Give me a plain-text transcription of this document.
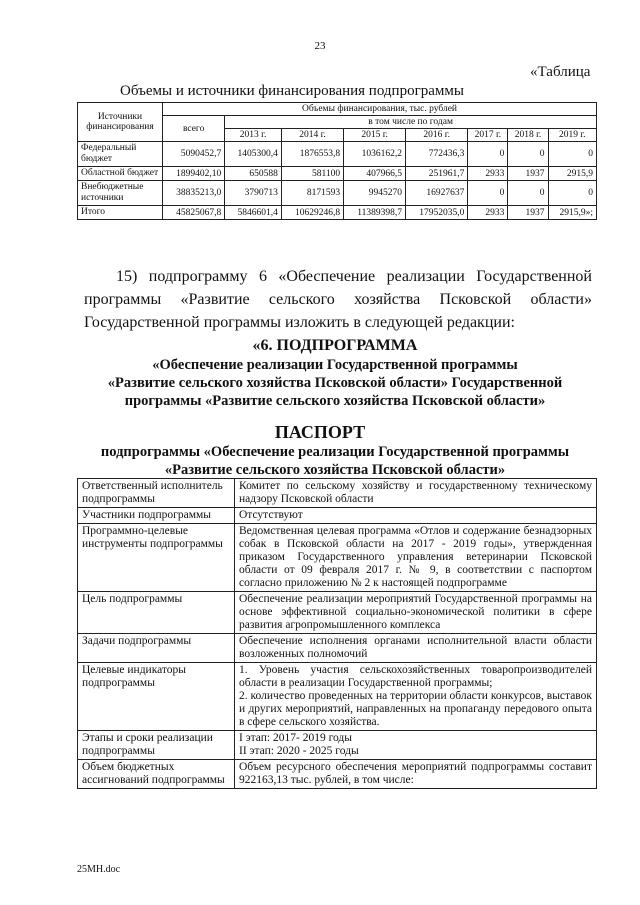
23
«Таблица
Объемы и источники финансирования подпрограммы
Источники финансирования	Объемы финансирования, тыс. рублей							
	всего	в том числе по годам						
		2013 г.	2014 г.	2015 г.	2016 г.	2017 г.	2018 г.	2019 г.
Федеральный бюджет	5090452,7	1405300,4	1876553,8	1036162,2	772436,3	0	0	0
Областной бюджет	1899402,10	650588	581100	407966,5	251961,7	2933	1937	2915,9
Внебюджетные источники	38835213,0	3790713	8171593	9945270	16927637	0	0	0
Итого	45825067,8	5846601,4	10629246,8	11389398,7	17952035,0	2933	1937	2915,9»;
15) подпрограмму 6 «Обеспечение реализации Государственной программы «Развитие сельского хозяйства Псковской области» Государственной программы изложить в следующей редакции:
«6. ПОДПРОГРАММА
«Обеспечение реализации Государственной программы
«Развитие сельского хозяйства Псковской области» Государственной
программы «Развитие сельского хозяйства Псковской области»
ПАСПОРТ
подпрограммы «Обеспечение реализации Государственной программы
«Развитие сельского хозяйства Псковской области»
Ответственный исполнитель подпрограммы	Комитет по сельскому хозяйству и государственному техническому надзору Псковской области
Участники подпрограммы	Отсутствуют
Программно-целевые инструменты подпрограммы	Ведомственная целевая программа «Отлов и содержание безнадзорных собак в Псковской области на 2017 - 2019 годы», утвержденная приказом Государственного управления ветеринарии Псковской области от 09 февраля 2017 г. № 9, в соответствии с паспортом согласно приложению № 2 к настоящей подпрограмме
Цель подпрограммы	Обеспечение реализации мероприятий Государственной программы на основе эффективной социально-экономической политики в сфере развития агропромышленного комплекса
Задачи подпрограммы	Обеспечение исполнения органами исполнительной власти области возложенных полномочий
Целевые индикаторы подпрограммы	1. Уровень участия сельскохозяйственных товаропроизводителей области в реализации Государственной программы;
2. количество проведенных на территории области конкурсов, выставок и других мероприятий, направленных на пропаганду передового опыта в сфере сельского хозяйства.

Этапы и сроки реализации подпрограммы	I этап: 2017- 2019 годы
II этап: 2020 - 2025 годы

Объем бюджетных ассигнований подпрограммы	Объем ресурсного обеспечения мероприятий подпрограммы составит 922163,13 тыс. рублей, в том числе:
25МН.doc
